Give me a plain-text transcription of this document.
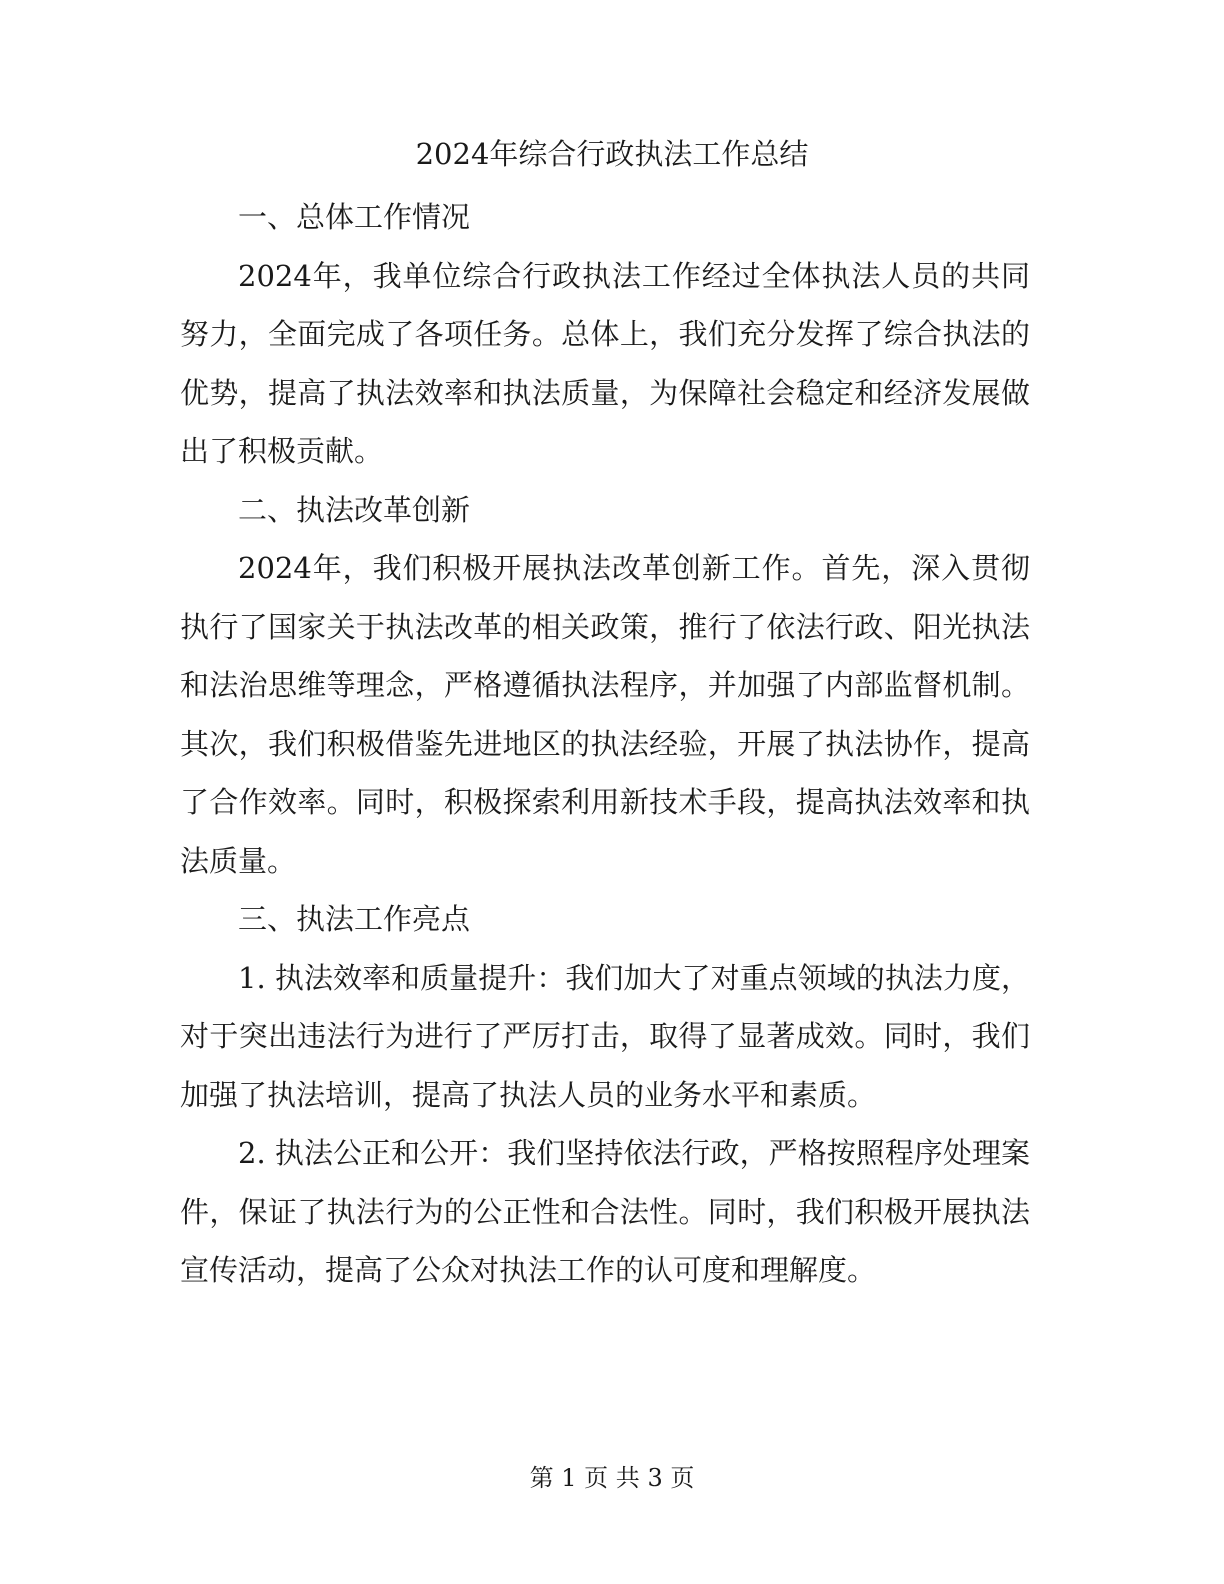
2024年综合行政执法工作总结

一、总体工作情况

2024年，我单位综合行政执法工作经过全体执法人员的共同努力，全面完成了各项任务。总体上，我们充分发挥了综合执法的优势，提高了执法效率和执法质量，为保障社会稳定和经济发展做出了积极贡献。

二、执法改革创新

2024年，我们积极开展执法改革创新工作。首先，深入贯彻执行了国家关于执法改革的相关政策，推行了依法行政、阳光执法和法治思维等理念，严格遵循执法程序，并加强了内部监督机制。其次，我们积极借鉴先进地区的执法经验，开展了执法协作，提高了合作效率。同时，积极探索利用新技术手段，提高执法效率和执法质量。

三、执法工作亮点

1. 执法效率和质量提升：我们加大了对重点领域的执法力度，对于突出违法行为进行了严厉打击，取得了显著成效。同时，我们加强了执法培训，提高了执法人员的业务水平和素质。

2. 执法公正和公开：我们坚持依法行政，严格按照程序处理案件，保证了执法行为的公正性和合法性。同时，我们积极开展执法宣传活动，提高了公众对执法工作的认可度和理解度。

第 1 页 共 3 页
